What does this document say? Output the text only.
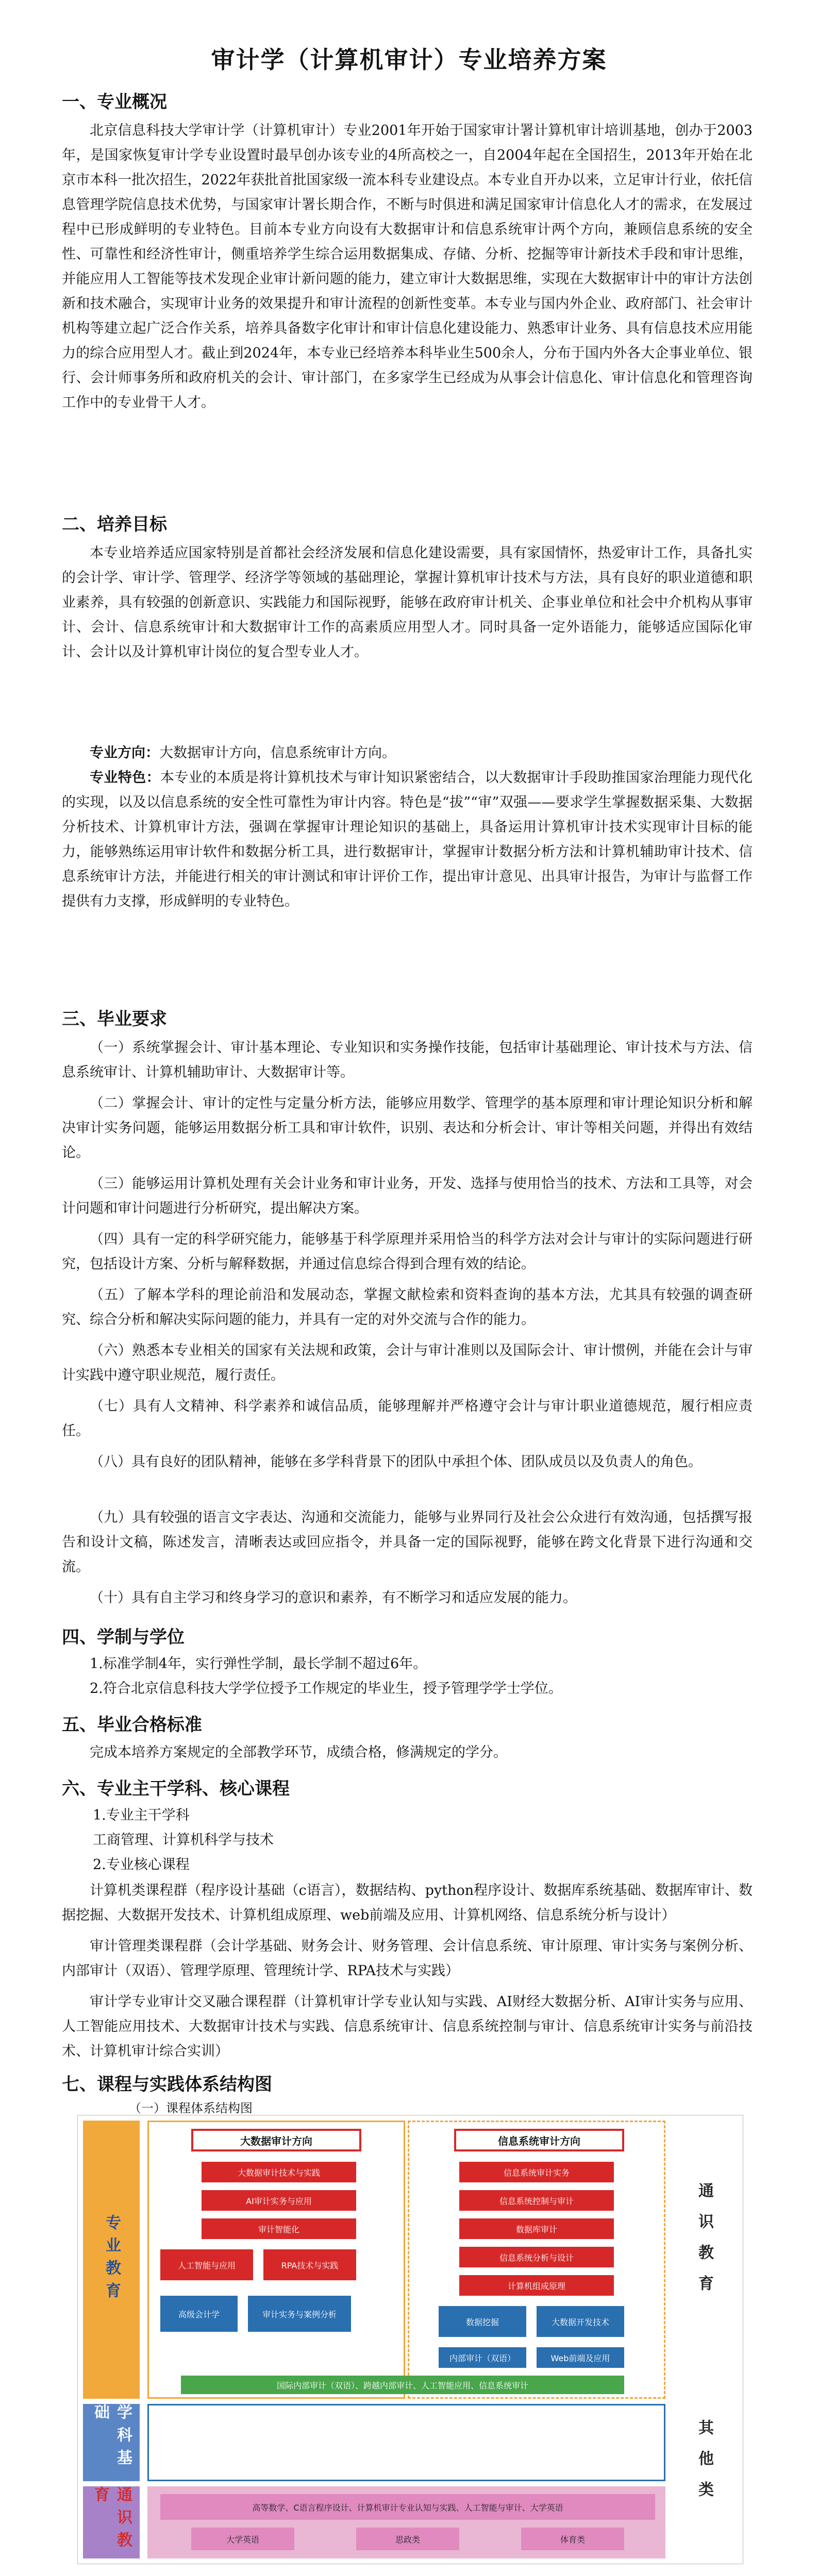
审计学（计算机审计）专业培养方案
一、专业概况
北京信息科技大学审计学（计算机审计）专业2001年开始于国家审计署计算机审计培训基地，创办于2003年，是国家恢复审计学专业设置时最早创办该专业的4所高校之一，自2004年起在全国招生，2013年开始在北京市本科一批次招生，2022年获批首批国家级一流本科专业建设点。本专业自开办以来，立足审计行业，依托信息管理学院信息技术优势，与国家审计署长期合作，不断与时俱进和满足国家审计信息化人才的需求，在发展过程中已形成鲜明的专业特色。目前本专业方向设有大数据审计和信息系统审计两个方向，兼顾信息系统的安全性、可靠性和经济性审计，侧重培养学生综合运用数据集成、存储、分析、挖掘等审计新技术手段和审计思维，并能应用人工智能等技术发现企业审计新问题的能力，建立审计大数据思维，实现在大数据审计中的审计方法创新和技术融合，实现审计业务的效果提升和审计流程的创新性变革。本专业与国内外企业、政府部门、社会审计机构等建立起广泛合作关系，培养具备数字化审计和审计信息化建设能力、熟悉审计业务、具有信息技术应用能力的综合应用型人才。截止到2024年，本专业已经培养本科毕业生500余人，分布于国内外各大企事业单位、银行、会计师事务所和政府机关的会计、审计部门，在多家学生已经成为从事会计信息化、审计信息化和管理咨询工作中的专业骨干人才。
二、培养目标
本专业培养适应国家特别是首都社会经济发展和信息化建设需要，具有家国情怀，热爱审计工作，具备扎实的会计学、审计学、管理学、经济学等领域的基础理论，掌握计算机审计技术与方法，具有良好的职业道德和职业素养，具有较强的创新意识、实践能力和国际视野，能够在政府审计机关、企事业单位和社会中介机构从事审计、会计、信息系统审计和大数据审计工作的高素质应用型人才。同时具备一定外语能力，能够适应国际化审计、会计以及计算机审计岗位的复合型专业人才。
专业方向：大数据审计方向，信息系统审计方向。
专业特色：本专业的本质是将计算机技术与审计知识紧密结合，以大数据审计手段助推国家治理能力现代化的实现，以及以信息系统的安全性可靠性为审计内容。特色是“拔”“审”双强——要求学生掌握数据采集、大数据分析技术、计算机审计方法，强调在掌握审计理论知识的基础上，具备运用计算机审计技术实现审计目标的能力，能够熟练运用审计软件和数据分析工具，进行数据审计，掌握审计数据分析方法和计算机辅助审计技术、信息系统审计方法，并能进行相关的审计测试和审计评价工作，提出审计意见、出具审计报告，为审计与监督工作提供有力支撑，形成鲜明的专业特色。
三、毕业要求
（一）系统掌握会计、审计基本理论、专业知识和实务操作技能，包括审计基础理论、审计技术与方法、信息系统审计、计算机辅助审计、大数据审计等。
（二）掌握会计、审计的定性与定量分析方法，能够应用数学、管理学的基本原理和审计理论知识分析和解决审计实务问题，能够运用数据分析工具和审计软件，识别、表达和分析会计、审计等相关问题，并得出有效结论。
（三）能够运用计算机处理有关会计业务和审计业务，开发、选择与使用恰当的技术、方法和工具等，对会计问题和审计问题进行分析研究，提出解决方案。
（四）具有一定的科学研究能力，能够基于科学原理并采用恰当的科学方法对会计与审计的实际问题进行研究，包括设计方案、分析与解释数据，并通过信息综合得到合理有效的结论。
（五）了解本学科的理论前沿和发展动态，掌握文献检索和资料查询的基本方法，尤其具有较强的调查研究、综合分析和解决实际问题的能力，并具有一定的对外交流与合作的能力。
（六）熟悉本专业相关的国家有关法规和政策，会计与审计准则以及国际会计、审计惯例，并能在会计与审计实践中遵守职业规范，履行责任。
（七）具有人文精神、科学素养和诚信品质，能够理解并严格遵守会计与审计职业道德规范，履行相应责任。
（八）具有良好的团队精神，能够在多学科背景下的团队中承担个体、团队成员以及负责人的角色。
（九）具有较强的语言文字表达、沟通和交流能力，能够与业界同行及社会公众进行有效沟通，包括撰写报告和设计文稿，陈述发言，清晰表达或回应指令，并具备一定的国际视野，能够在跨文化背景下进行沟通和交流。
（十）具有自主学习和终身学习的意识和素养，有不断学习和适应发展的能力。
四、学制与学位
1.标准学制4年，实行弹性学制，最长学制不超过6年。
2.符合北京信息科技大学学位授予工作规定的毕业生，授予管理学学士学位。
五、毕业合格标准
完成本培养方案规定的全部教学环节，成绩合格，修满规定的学分。
六、专业主干学科、核心课程
1.专业主干学科
工商管理、计算机科学与技术
2.专业核心课程
计算机类课程群（程序设计基础（c语言），数据结构、python程序设计、数据库系统基础、数据库审计、数据挖掘、大数据开发技术、计算机组成原理、web前端及应用、计算机网络、信息系统分析与设计）
审计管理类课程群（会计学基础、财务会计、财务管理、会计信息系统、审计原理、审计实务与案例分析、内部审计（双语）、管理学原理、管理统计学、RPA技术与实践）
审计学专业审计交叉融合课程群（计算机审计学专业认知与实践、AI财经大数据分析、AI审计实务与应用、人工智能应用技术、大数据审计技术与实践、信息系统审计、信息系统控制与审计、信息系统审计实务与前沿技术、计算机审计综合实训）
七、课程与实践体系结构图
（一）课程体系结构图
专业教育
学科基础
通识教育
通识教育
其他类
大数据审计方向	信息系统审计方向
大数据审计技术与实践
AI审计实务与应用
审计智能化
人工智能与应用	RPA技术与实践
高级会计学	审计实务与案例分析
信息系统审计实务
信息系统控制与审计
数据库审计
信息系统分析与设计
计算机组成原理
数据挖掘	大数据开发技术
内部审计（双语）	Web前端及应用
国际内部审计（双语）、跨越内部审计、人工智能应用、信息系统审计
高等数学、C语言程序设计、计算机审计专业认知与实践、人工智能与审计、大学英语
大学英语	思政类	体育类
